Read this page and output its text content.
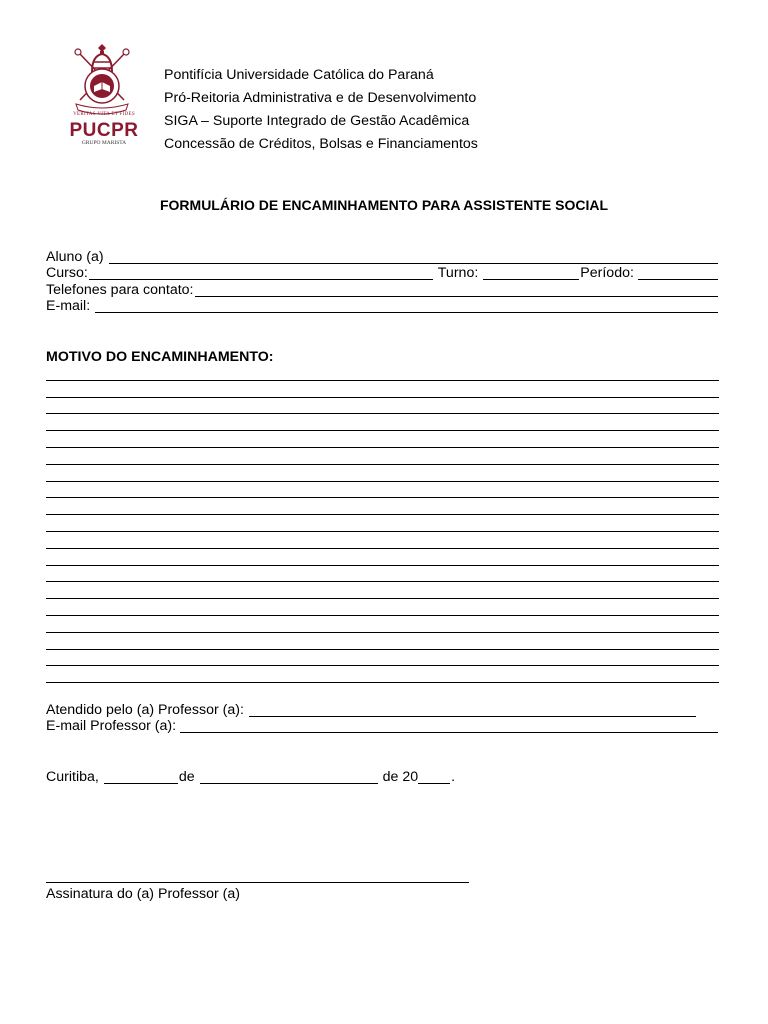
VERITAS VITA ET FIDES
PUCPR
GRUPO MARISTA
Pontifícia Universidade Católica do Paraná
Pró-Reitoria Administrativa e de Desenvolvimento
SIGA – Suporte Integrado de Gestão Acadêmica
Concessão de Créditos, Bolsas e Financiamentos
FORMULÁRIO DE ENCAMINHAMENTO PARA ASSISTENTE SOCIAL
Aluno (a)
Curso:	Turno:	Período:
Telefones para contato:
E-mail:
MOTIVO DO ENCAMINHAMENTO:
Atendido pelo (a) Professor (a):
E-mail Professor (a):
Curitiba,	de	de 20 .
Assinatura do (a) Professor (a)
